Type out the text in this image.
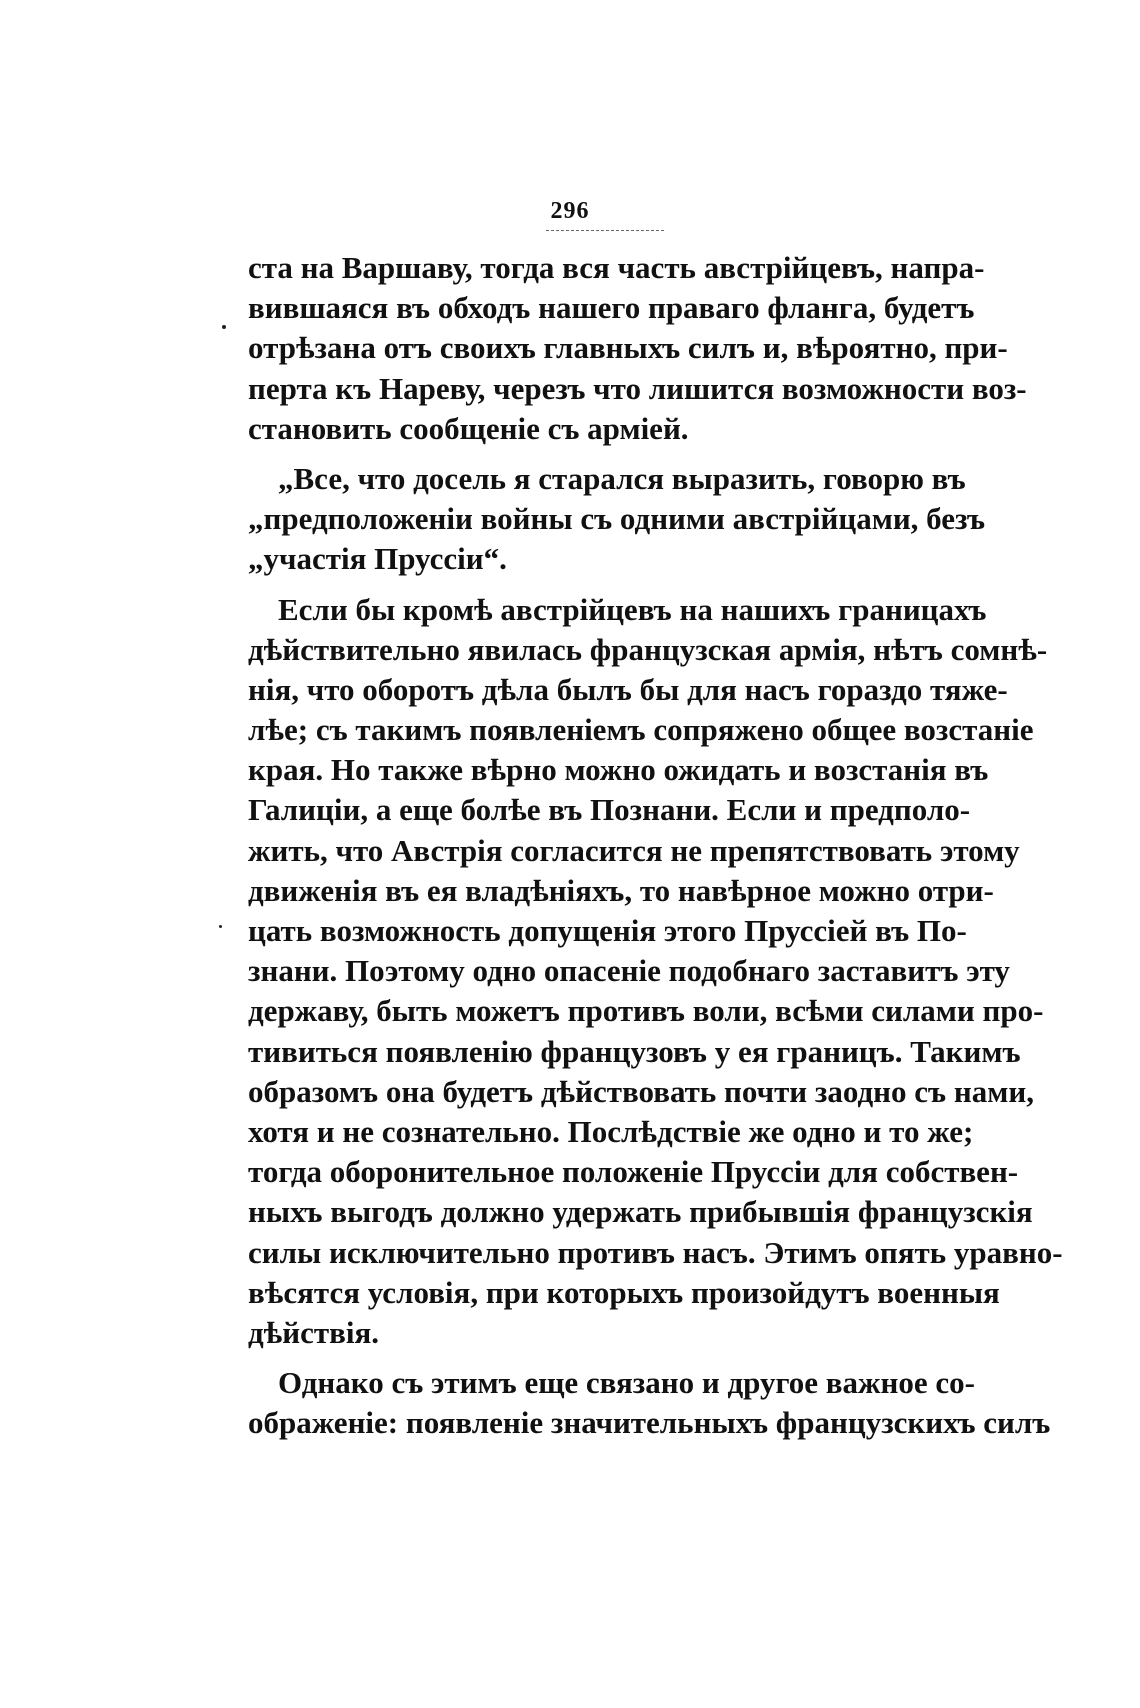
296
ста на Варшаву, тогда вся часть австрійцевъ, напра-
вившаяся въ обходъ нашего праваго фланга, будетъ
отрѣзана отъ своихъ главныхъ силъ и, вѣроятно, при-
перта къ Нареву, черезъ что лишится возможности воз-
становить сообщеніе съ арміей.
„Все, что досель я старался выразить, говорю въ
„предположеніи войны съ одними австрійцами, безъ
„участія Пруссіи“.
Если бы кромѣ австрійцевъ на нашихъ границахъ
дѣйствительно явилась французская армія, нѣтъ сомнѣ-
нія, что оборотъ дѣла былъ бы для насъ гораздо тяже-
лѣе; съ такимъ появленіемъ сопряжено общее возстаніе
края. Но также вѣрно можно ожидать и возстанія въ
Галиціи, а еще болѣе въ Познани. Если и предполо-
жить, что Австрія согласится не препятствовать этому
движенія въ ея владѣніяхъ, то навѣрное можно отри-
цать возможность допущенія этого Пруссіей въ По-
знани. Поэтому одно опасеніе подобнаго заставитъ эту
державу, быть можетъ противъ воли, всѣми силами про-
тивиться появленію французовъ у ея границъ. Такимъ
образомъ она будетъ дѣйствовать почти заодно съ нами,
хотя и не сознательно. Послѣдствіе же одно и то же;
тогда оборонительное положеніе Пруссіи для собствен-
ныхъ выгодъ должно удержать прибывшія французскія
силы исключительно противъ насъ. Этимъ опять уравно-
вѣсятся условія, при которыхъ произойдутъ военныя
дѣйствія.
Однако съ этимъ еще связано и другое важное со-
ображеніе: появленіе значительныхъ французскихъ силъ
